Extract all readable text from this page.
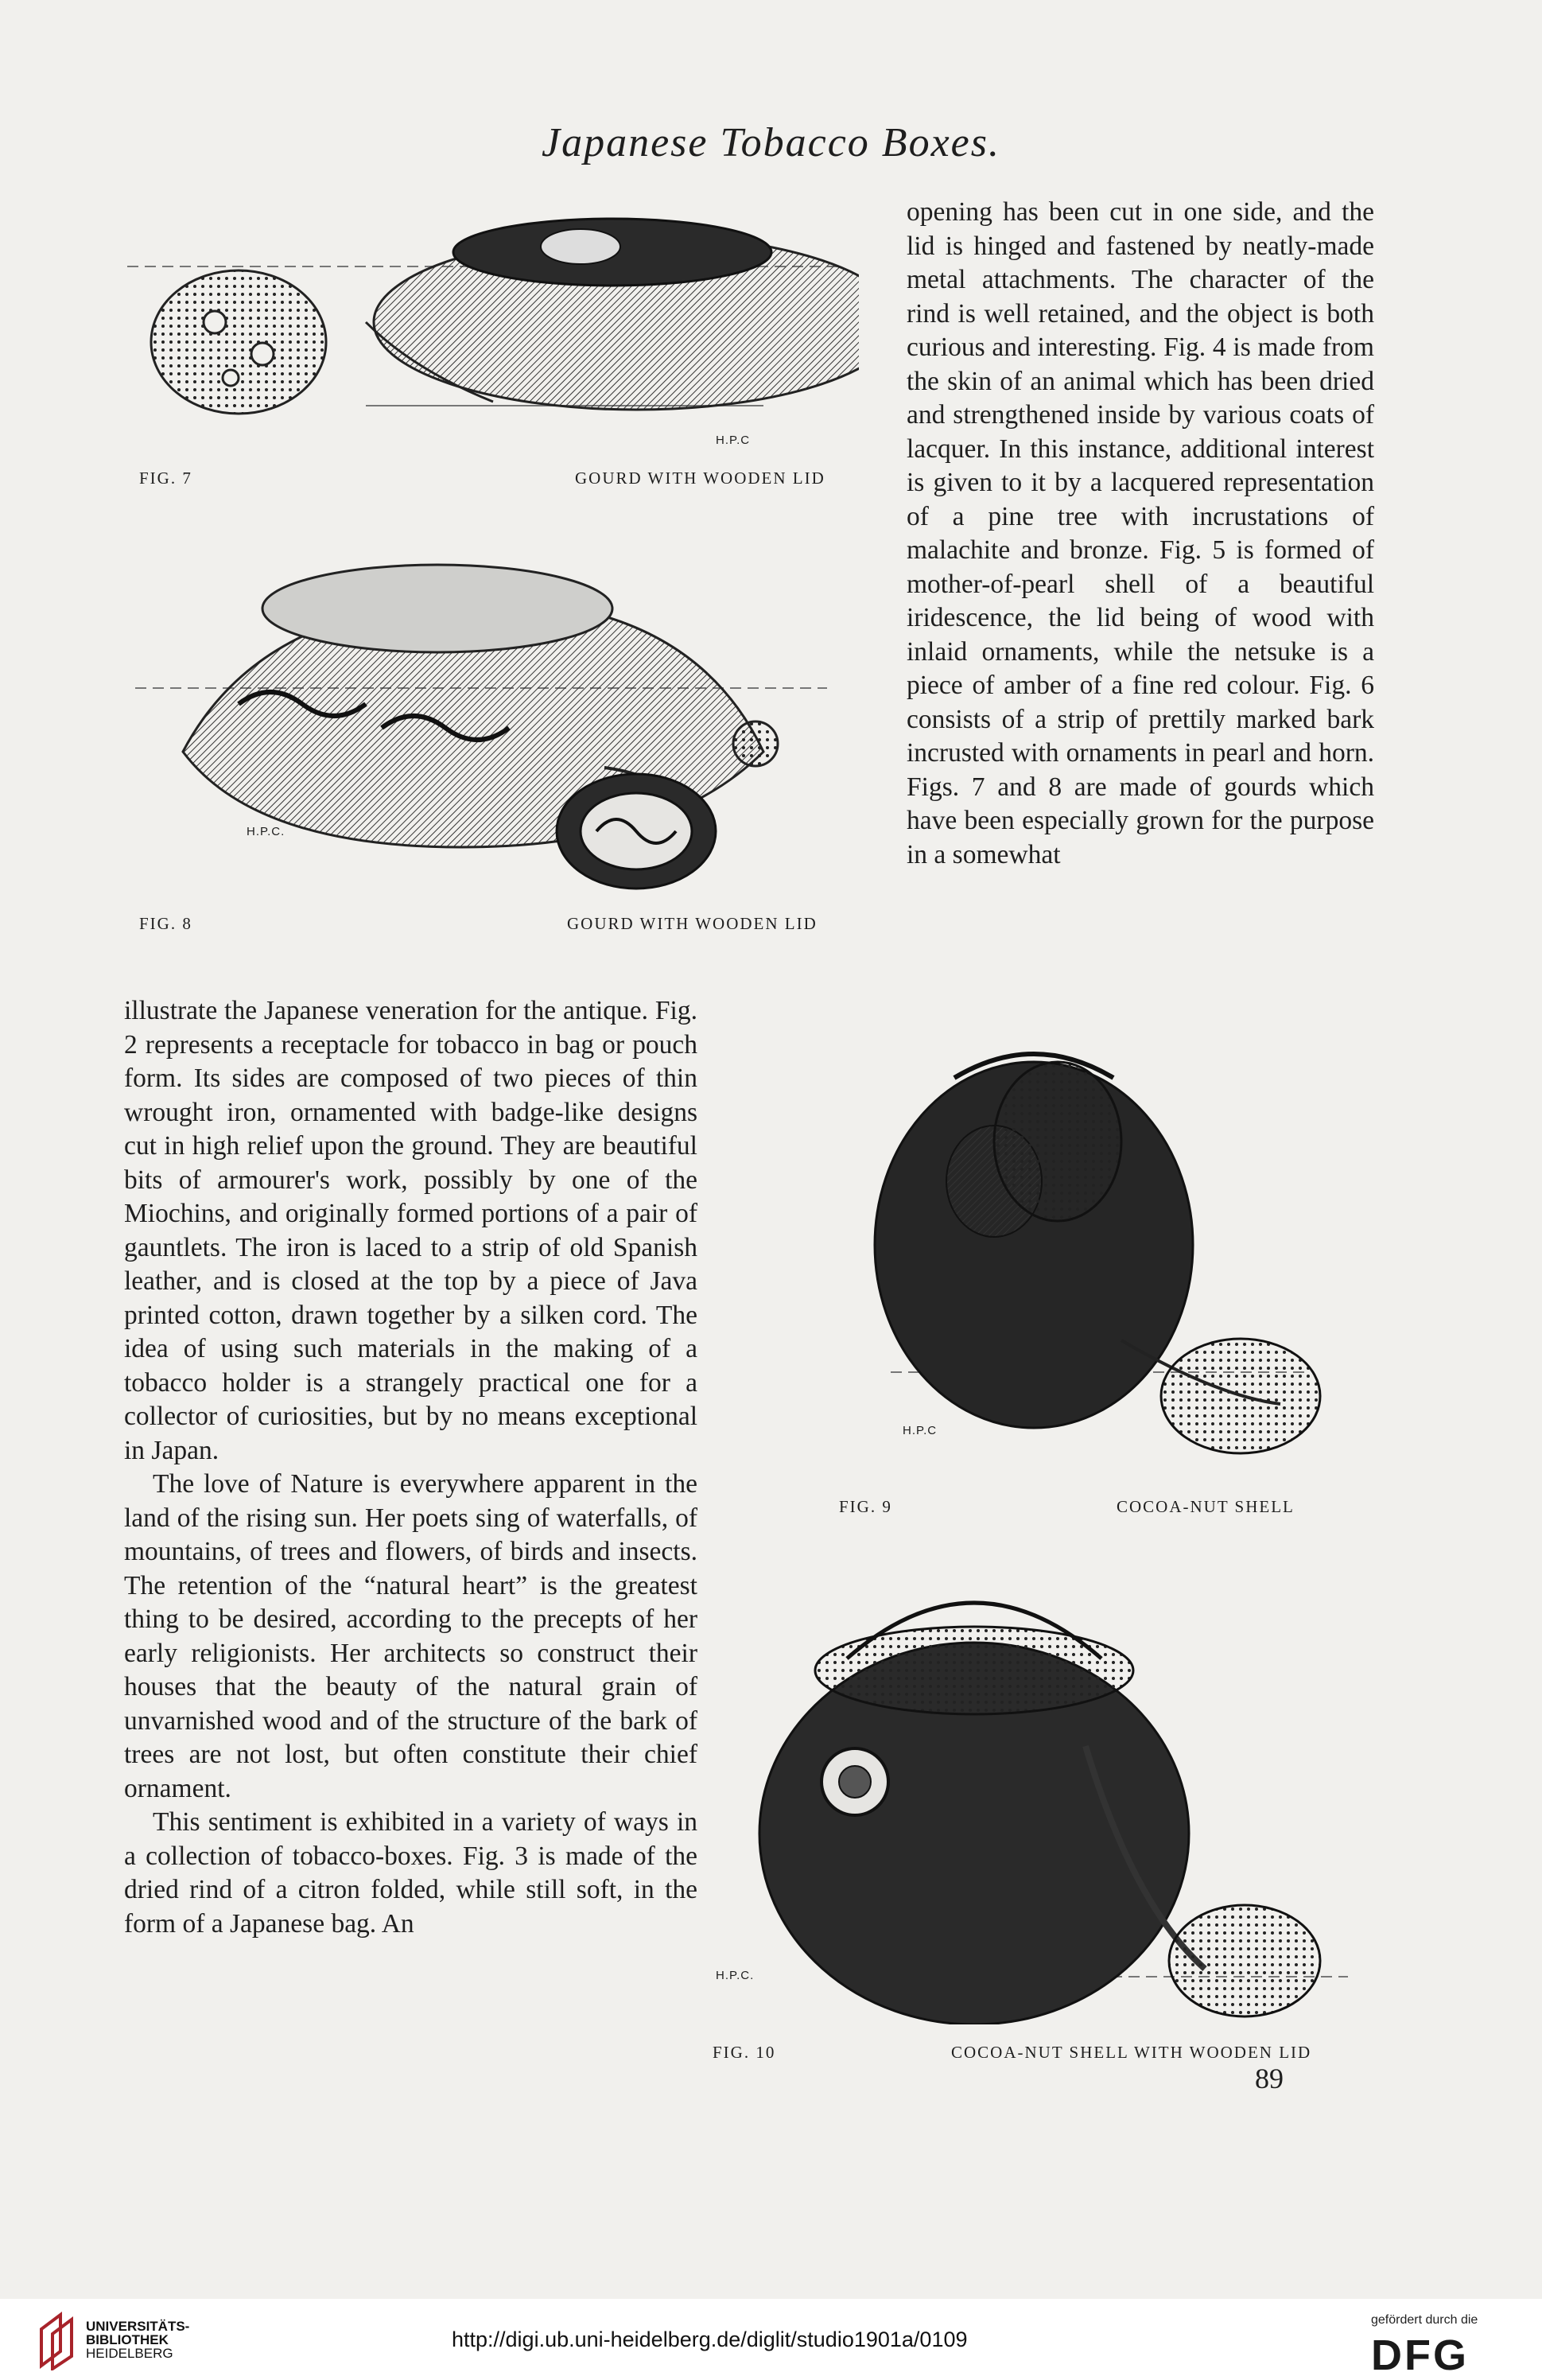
Japanese Tobacco Boxes.
H.P.C
FIG. 7	GOURD WITH WOODEN LID
H.P.C.
FIG. 8	GOURD WITH WOODEN LID

opening has been cut in one side, and the lid is hinged and fastened by neatly-made metal attachments. The character of the rind is well retained, and the object is both curious and interesting. Fig. 4 is made from the skin of an animal which has been dried and strengthened inside by various coats of lacquer. In this instance, additional interest is given to it by a lacquered representation of a pine tree with incrustations of malachite and bronze. Fig. 5 is formed of mother-of-pearl shell of a beautiful iridescence, the lid being of wood with inlaid ornaments, while the netsuke is a piece of amber of a fine red colour. Fig. 6 consists of a strip of prettily marked bark incrusted with ornaments in pearl and horn. Figs. 7 and 8 are made of gourds which have been especially grown for the purpose in a somewhat

illustrate the Japanese veneration for the antique. Fig. 2 represents a receptacle for tobacco in bag or pouch form. Its sides are composed of two pieces of thin wrought iron, ornamented with badge-like designs cut in high relief upon the ground. They are beautiful bits of armourer's work, possibly by one of the Miochins, and originally formed portions of a pair of gauntlets. The iron is laced to a strip of old Spanish leather, and is closed at the top by a piece of Java printed cotton, drawn together by a silken cord. The idea of using such materials in the making of a tobacco holder is a strangely practical one for a collector of curiosities, but by no means exceptional in Japan.

The love of Nature is everywhere apparent in the land of the rising sun. Her poets sing of waterfalls, of mountains, of trees and flowers, of birds and insects. The retention of the “natural heart” is the greatest thing to be desired, according to the precepts of her early religionists. Her architects so construct their houses that the beauty of the natural grain of unvarnished wood and of the structure of the bark of trees are not lost, but often constitute their chief ornament.

This sentiment is exhibited in a variety of ways in a collection of tobacco-boxes. Fig. 3 is made of the dried rind of a citron folded, while still soft, in the form of a Japanese bag. An

H.P.C
FIG. 9	COCOA-NUT SHELL
H.P.C.
FIG. 10	COCOA-NUT SHELL WITH WOODEN LID
89
UNIVERSITÄTS-
BIBLIOTHEK
HEIDELBERG
http://digi.ub.uni-heidelberg.de/diglit/studio1901a/0109
gefördert durch die
DFG
